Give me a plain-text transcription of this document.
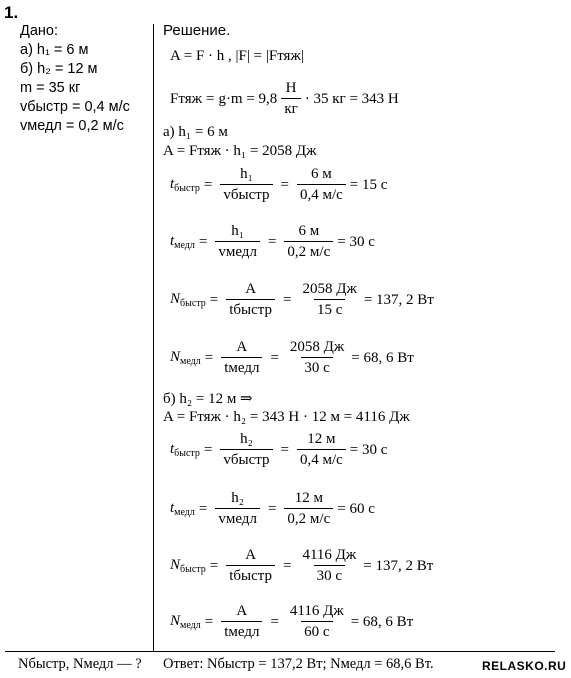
1.
Дано:
а) h₁ = 6 м
б) h₂ = 12 м
m = 35 кг
vбыстр = 0,4 м/с
vмедл = 0,2 м/с
Решение.
A = F · h , |F| = |Fтяж|
Fтяж = $g\cdot m = 9,8 \frac{Н}{кг} \cdot 35$ кг = 343 Н
а) h₁ = 6 м
A = Fтяж · h₁ = 2058 Дж
$t_{быстр} = \frac{\text{h₁}}{\text{vбыстр}} = \frac{6 м}{0,4 м/с} = 15$ с
$t_{медл} = \frac{\text{h₁}}{\text{vмедл}} = \frac{6 м}{0,2 м/с} = 30$ с
$N_{быстр} = \frac{A}{\text{tбыстр}} = \frac{2058 Дж}{15 с} = 137$, 2 Вт
$N_{медл} = \frac{A}{\text{tмедл}} = \frac{2058 Дж}{30 с} = 68$, 6 Вт
б) h₂ = 12 м ⇒
A = Fтяж · h₂ = 343 Н · 12 м = 4116 Дж
$t_{быстр} = \frac{\text{h₂}}{\text{vбыстр}} = \frac{12 м}{0,4 м/с} = 30$ с
$t_{медл} = \frac{\text{h₂}}{\text{vмедл}} = \frac{12 м}{0,2 м/с} = 60$ с
$N_{быстр} = \frac{A}{\text{tбыстр}} = \frac{4116 Дж}{30 с} = 137$, 2 Вт
$N_{медл} = \frac{A}{\text{tмедл}} = \frac{4116 Дж}{60 с} = 68$, 6 Вт
Nбыстр, Nмедл — ? Ответ: Nбыстр = 137,2 Вт; Nмедл = 68,6 Вт.	RELASKO.RU
